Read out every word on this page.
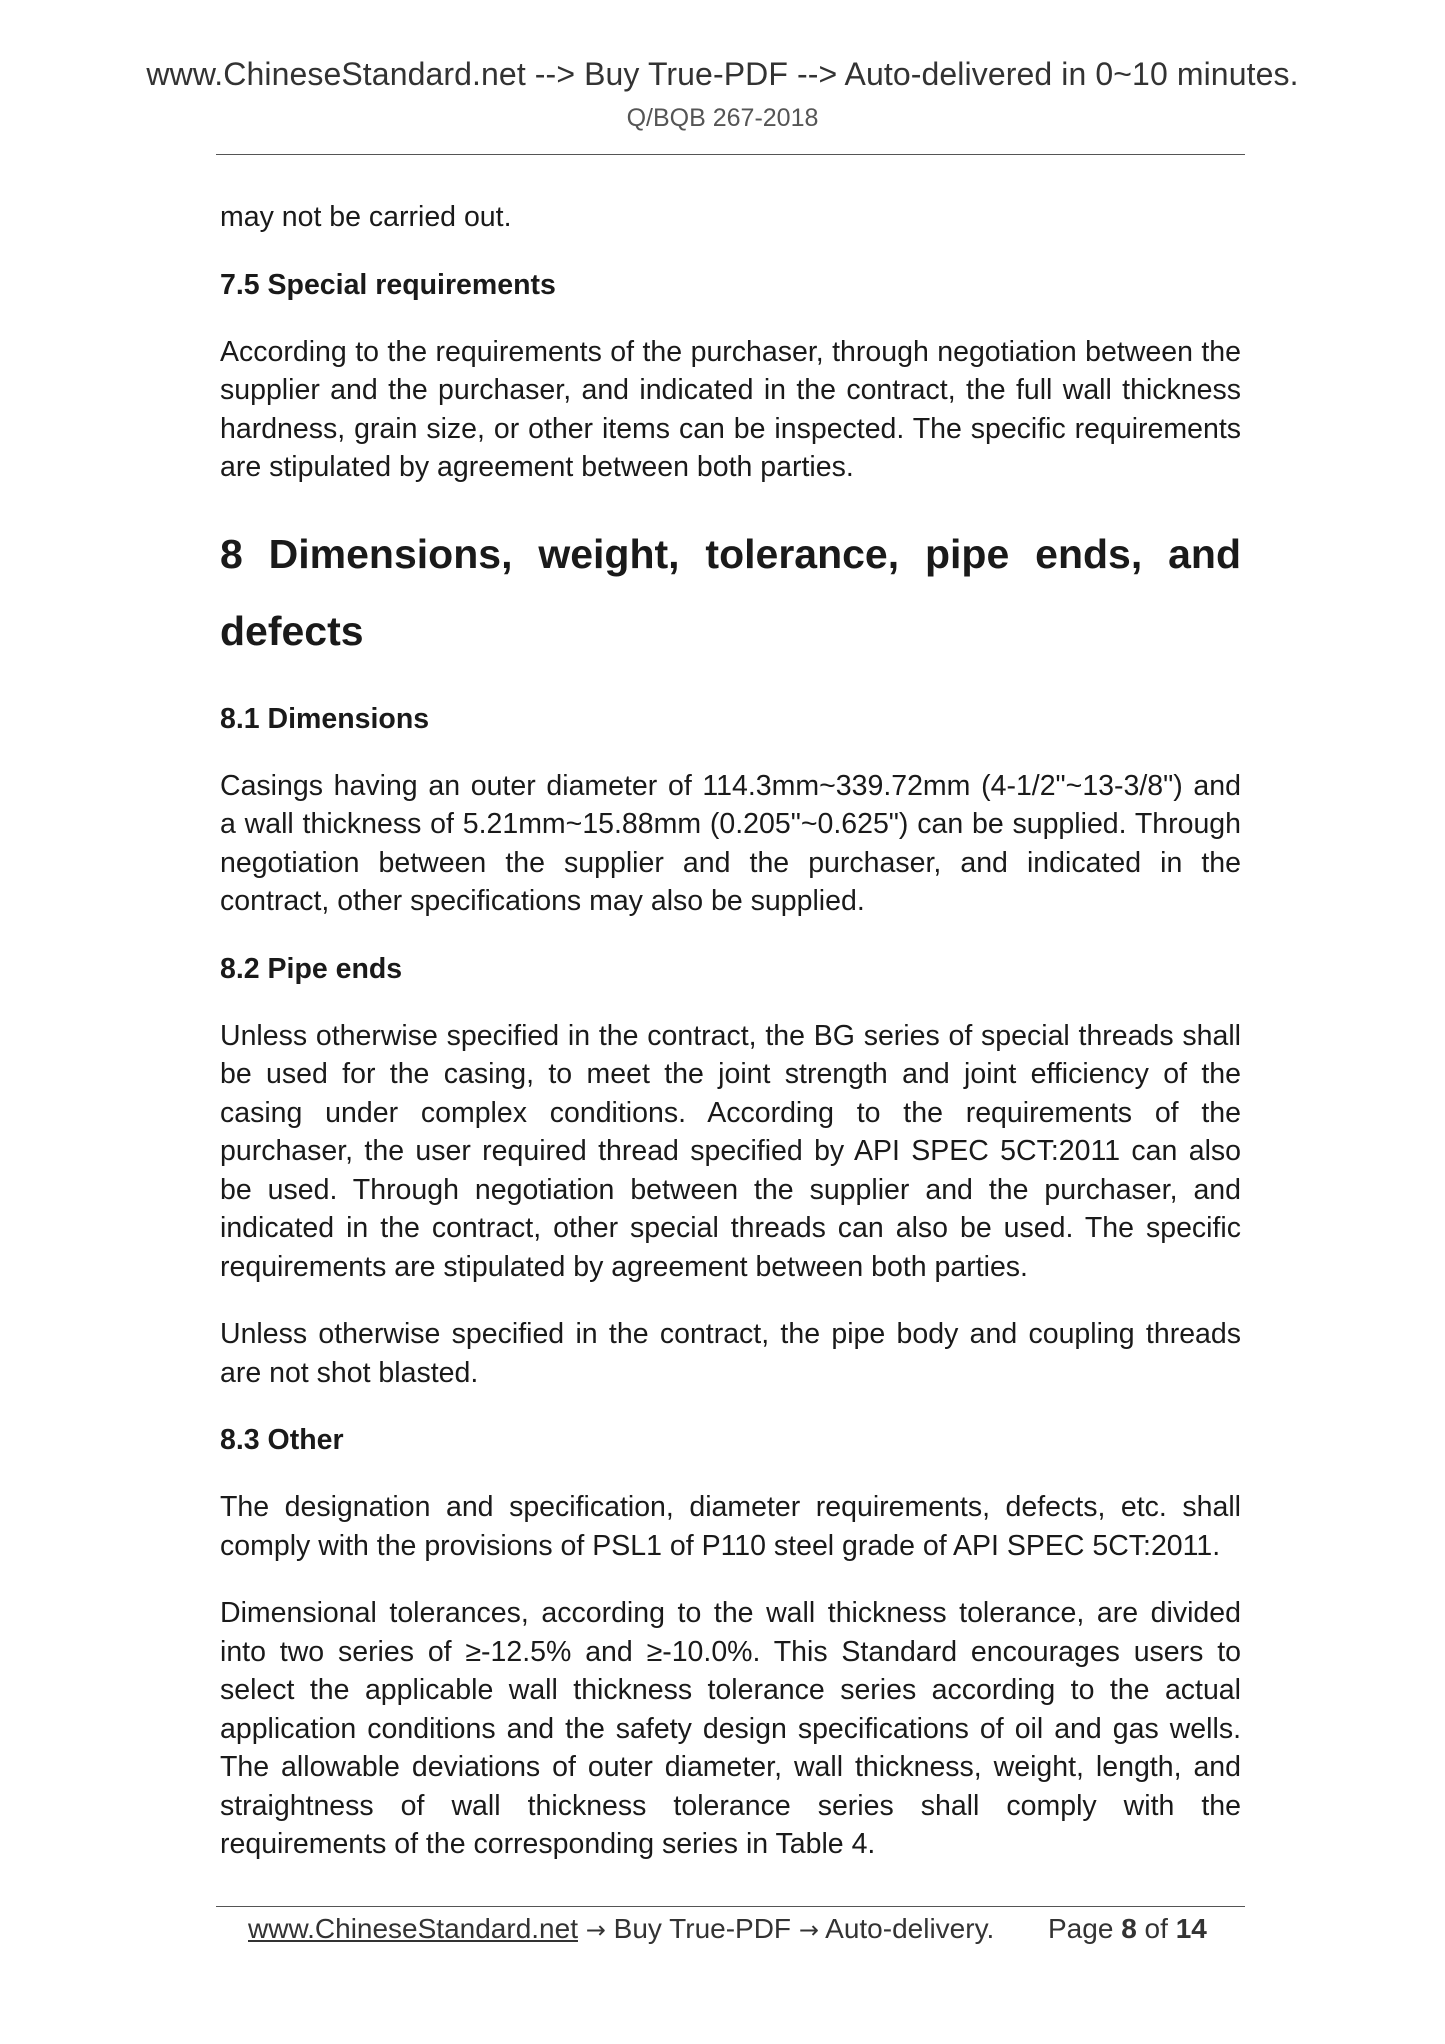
www.ChineseStandard.net --> Buy True-PDF --> Auto-delivered in 0~10 minutes.
Q/BQB 267-2018

may not be carried out.

7.5 Special requirements

According to the requirements of the purchaser, through negotiation between the supplier and the purchaser, and indicated in the contract, the full wall thickness hardness, grain size, or other items can be inspected. The specific requirements are stipulated by agreement between both parties.

8 Dimensions, weight, tolerance, pipe ends, and defects
8.1 Dimensions

Casings having an outer diameter of 114.3mm~339.72mm (4-1/2"~13-3/8") and a wall thickness of 5.21mm~15.88mm (0.205"~0.625") can be supplied. Through negotiation between the supplier and the purchaser, and indicated in the contract, other specifications may also be supplied.

8.2 Pipe ends

Unless otherwise specified in the contract, the BG series of special threads shall be used for the casing, to meet the joint strength and joint efficiency of the casing under complex conditions. According to the requirements of the purchaser, the user required thread specified by API SPEC 5CT:2011 can also be used. Through negotiation between the supplier and the purchaser, and indicated in the contract, other special threads can also be used. The specific requirements are stipulated by agreement between both parties.

Unless otherwise specified in the contract, the pipe body and coupling threads are not shot blasted.

8.3 Other

The designation and specification, diameter requirements, defects, etc. shall comply with the provisions of PSL1 of P110 steel grade of API SPEC 5CT:2011.

Dimensional tolerances, according to the wall thickness tolerance, are divided into two series of ≥-12.5% and ≥-10.0%. This Standard encourages users to select the applicable wall thickness tolerance series according to the actual application conditions and the safety design specifications of oil and gas wells. The allowable deviations of outer diameter, wall thickness, weight, length, and straightness of wall thickness tolerance series shall comply with the requirements of the corresponding series in Table 4.

www.ChineseStandard.net → Buy True-PDF → Auto-delivery. Page 8 of 14
